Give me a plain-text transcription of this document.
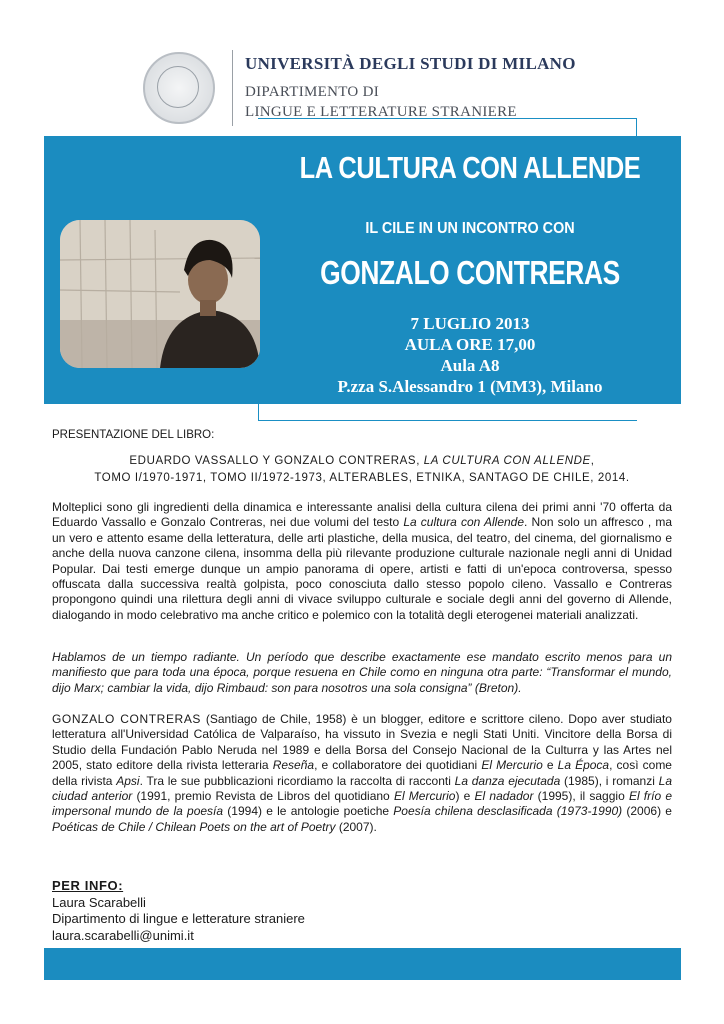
UNIVERSITÀ DEGLI STUDI DI MILANO
DIPARTIMENTO DI
LINGUE E LETTERATURE STRANIERE
LA CULTURA CON ALLENDE
IL CILE IN UN INCONTRO CON
GONZALO CONTRERAS
7 LUGLIO 2013
AULA ORE 17,00
Aula A8
P.zza S.Alessandro 1 (MM3), Milano
PRESENTAZIONE DEL LIBRO:
EDUARDO VASSALLO Y GONZALO CONTRERAS, LA CULTURA CON ALLENDE,
TOMO I/1970-1971, TOMO II/1972-1973, ALTERABLES, ETNIKA, SANTAGO DE CHILE, 2014.
Molteplici sono gli ingredienti della dinamica e interessante analisi della cultura cilena dei primi anni '70 offerta da Eduardo Vassallo e Gonzalo Contreras, nei due volumi del testo La cultura con Allende. Non solo un affresco , ma un vero e attento esame della letteratura, delle arti plastiche, della musica, del teatro, del cinema, del giornalismo e anche della nuova canzone cilena, insomma della più rilevante produzione culturale nazionale negli anni di Unidad Popular. Dai testi emerge dunque un ampio panorama di opere, artisti e fatti di un'epoca controversa, spesso offuscata dalla successiva realtà golpista, poco conosciuta dallo stesso popolo cileno. Vassallo e Contreras propongono quindi una rilettura degli anni di vivace sviluppo culturale e sociale degli anni del governo di Allende, dialogando in modo celebrativo ma anche critico e polemico con la totalità degli eterogenei materiali analizzati.
Hablamos de un tiempo radiante. Un período que describe exactamente ese mandato escrito menos para un manifiesto que para toda una época, porque resuena en Chile como en ninguna otra parte: “Transformar el mundo, dijo Marx; cambiar la vida, dijo Rimbaud: son para nosotros una sola consigna” (Breton).
GONZALO CONTRERAS (Santiago de Chile, 1958) è un blogger, editore e scrittore cileno. Dopo aver studiato letteratura all'Universidad Católica de Valparaíso, ha vissuto in Svezia e negli Stati Uniti. Vincitore della Borsa di Studio della Fundación Pablo Neruda nel 1989 e della Borsa del Consejo Nacional de la Culturra y las Artes nel 2005, stato editore della rivista letteraria Reseña, e collaboratore dei quotidiani El Mercurio e La Época, così come della rivista Apsi. Tra le sue pubblicazioni ricordiamo la raccolta di racconti La danza ejecutada (1985), i romanzi La ciudad anterior (1991, premio Revista de Libros del quotidiano El Mercurio) e El nadador (1995), il saggio El frío e impersonal mundo de la poesía (1994) e le antologie poetiche Poesía chilena desclasificada (1973-1990) (2006) e Poéticas de Chile / Chilean Poets on the art of Poetry (2007).
PER INFO:
Laura Scarabelli
Dipartimento di lingue e letterature straniere
laura.scarabelli@unimi.it
